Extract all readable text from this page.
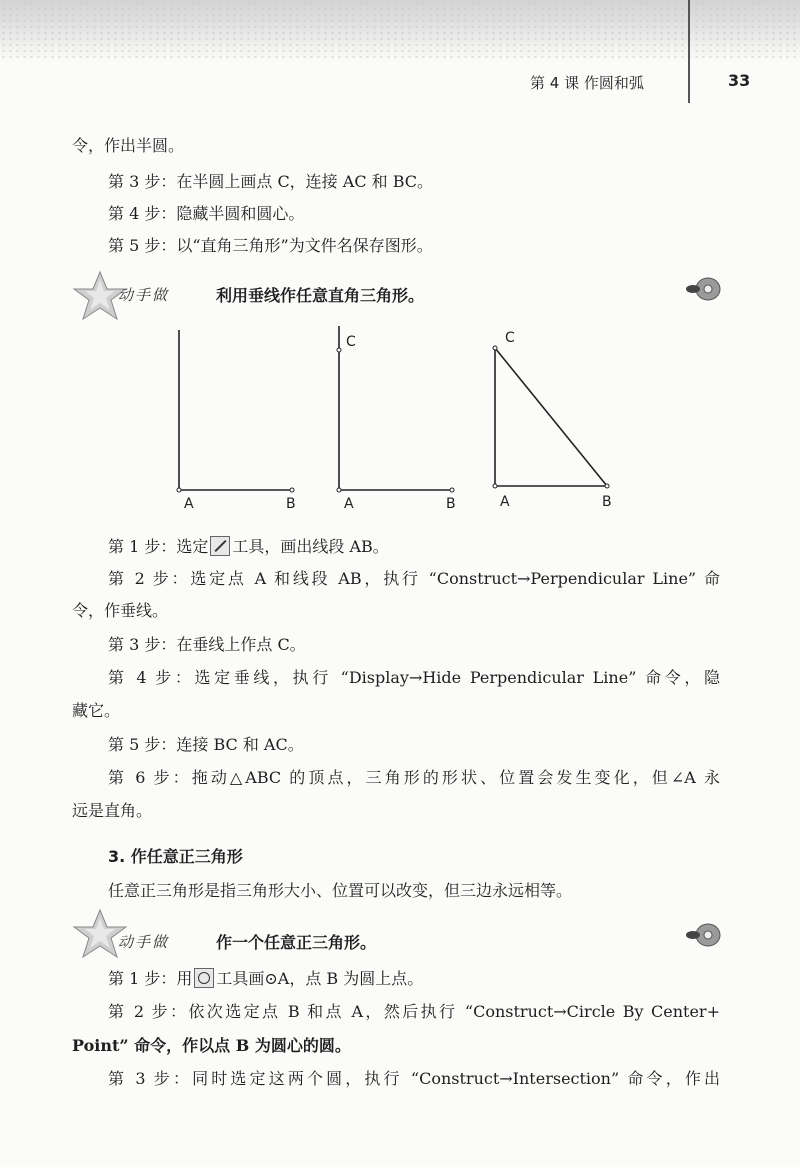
第 4 课 作圆和弧	33
令，作出半圆。
第 3 步：在半圆上画点 C，连接 AC 和 BC。
第 4 步：隐藏半圆和圆心。
第 5 步：以“直角三角形”为文件名保存图形。
动手做	利用垂线作任意直角三角形。
A	B
C
A	B
C
A	B
第 1 步：选定 工具，画出线段 AB。
第 2 步：选定点 A 和线段 AB，执行 “Construct→Perpendicular Line” 命
令，作垂线。
第 3 步：在垂线上作点 C。
第 4 步：选定垂线，执行 “Display→Hide Perpendicular Line” 命令，隐
藏它。
第 5 步：连接 BC 和 AC。
第 6 步：拖动△ABC 的顶点，三角形的形状、位置会发生变化，但∠A 永
远是直角。
3. 作任意正三角形
任意正三角形是指三角形大小、位置可以改变，但三边永远相等。
动手做	作一个任意正三角形。
第 1 步：用 工具画⊙A，点 B 为圆上点。
第 2 步：依次选定点 B 和点 A，然后执行 “Construct→Circle By Center+
Point” 命令，作以点 B 为圆心的圆。
第 3 步：同时选定这两个圆，执行 “Construct→Intersection” 命令，作出
